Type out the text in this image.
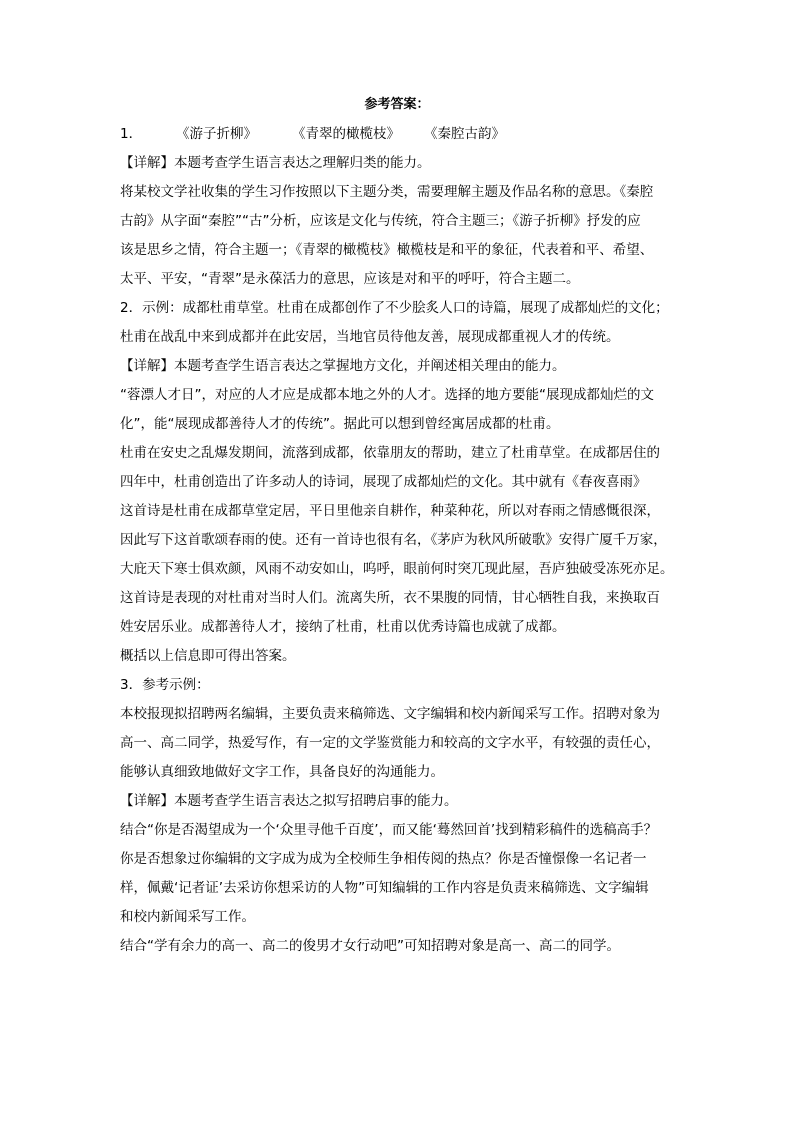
参考答案：
1．	《游子折柳》	《青翠的橄榄枝》 《秦腔古韵》
【详解】本题考查学生语言表达之理解归类的能力。
将某校文学社收集的学生习作按照以下主题分类，需要理解主题及作品名称的意思。《秦腔
古韵》从字面“秦腔”“古”分析，应该是文化与传统，符合主题三；《游子折柳》抒发的应
该是思乡之情，符合主题一；《青翠的橄榄枝》橄榄枝是和平的象征，代表着和平、希望、
太平、平安，“青翠”是永葆活力的意思，应该是对和平的呼吁，符合主题二。
2．示例：成都杜甫草堂。杜甫在成都创作了不少脍炙人口的诗篇，展现了成都灿烂的文化；
杜甫在战乱中来到成都并在此安居，当地官员待他友善，展现成都重视人才的传统。
【详解】本题考查学生语言表达之掌握地方文化，并阐述相关理由的能力。
“蓉漂人才日”，对应的人才应是成都本地之外的人才。选择的地方要能“展现成都灿烂的文
化”，能“展现成都善待人才的传统”。据此可以想到曾经寓居成都的杜甫。
杜甫在安史之乱爆发期间，流落到成都，依靠朋友的帮助，建立了杜甫草堂。在成都居住的
四年中，杜甫创造出了许多动人的诗词，展现了成都灿烂的文化。其中就有《春夜喜雨》
这首诗是杜甫在成都草堂定居，平日里他亲自耕作，种菜种花，所以对春雨之情感慨很深，
因此写下这首歌颂春雨的使。还有一首诗也很有名，《茅庐为秋风所破歌》安得广厦千万家，
大庇天下寒士俱欢颜，风雨不动安如山，呜呼，眼前何时突兀现此屋，吾庐独破受冻死亦足。
这首诗是表现的对杜甫对当时人们。流离失所，衣不果腹的同情，甘心牺牲自我，来换取百
姓安居乐业。成都善待人才，接纳了杜甫，杜甫以优秀诗篇也成就了成都。
概括以上信息即可得出答案。
3．参考示例：
本校报现拟招聘两名编辑，主要负责来稿筛选、文字编辑和校内新闻采写工作。招聘对象为
高一、高二同学，热爱写作，有一定的文学鉴赏能力和较高的文字水平，有较强的责任心，
能够认真细致地做好文字工作，具备良好的沟通能力。
【详解】本题考查学生语言表达之拟写招聘启事的能力。
结合“你是否渴望成为一个‘众里寻他千百度’，而又能‘蓦然回首’找到精彩稿件的选稿高手？
你是否想象过你编辑的文字成为成为全校师生争相传阅的热点？你是否憧憬像一名记者一
样，佩戴‘记者证’去采访你想采访的人物”可知编辑的工作内容是负责来稿筛选、文字编辑
和校内新闻采写工作。
结合“学有余力的高一、高二的俊男才女行动吧”可知招聘对象是高一、高二的同学。
